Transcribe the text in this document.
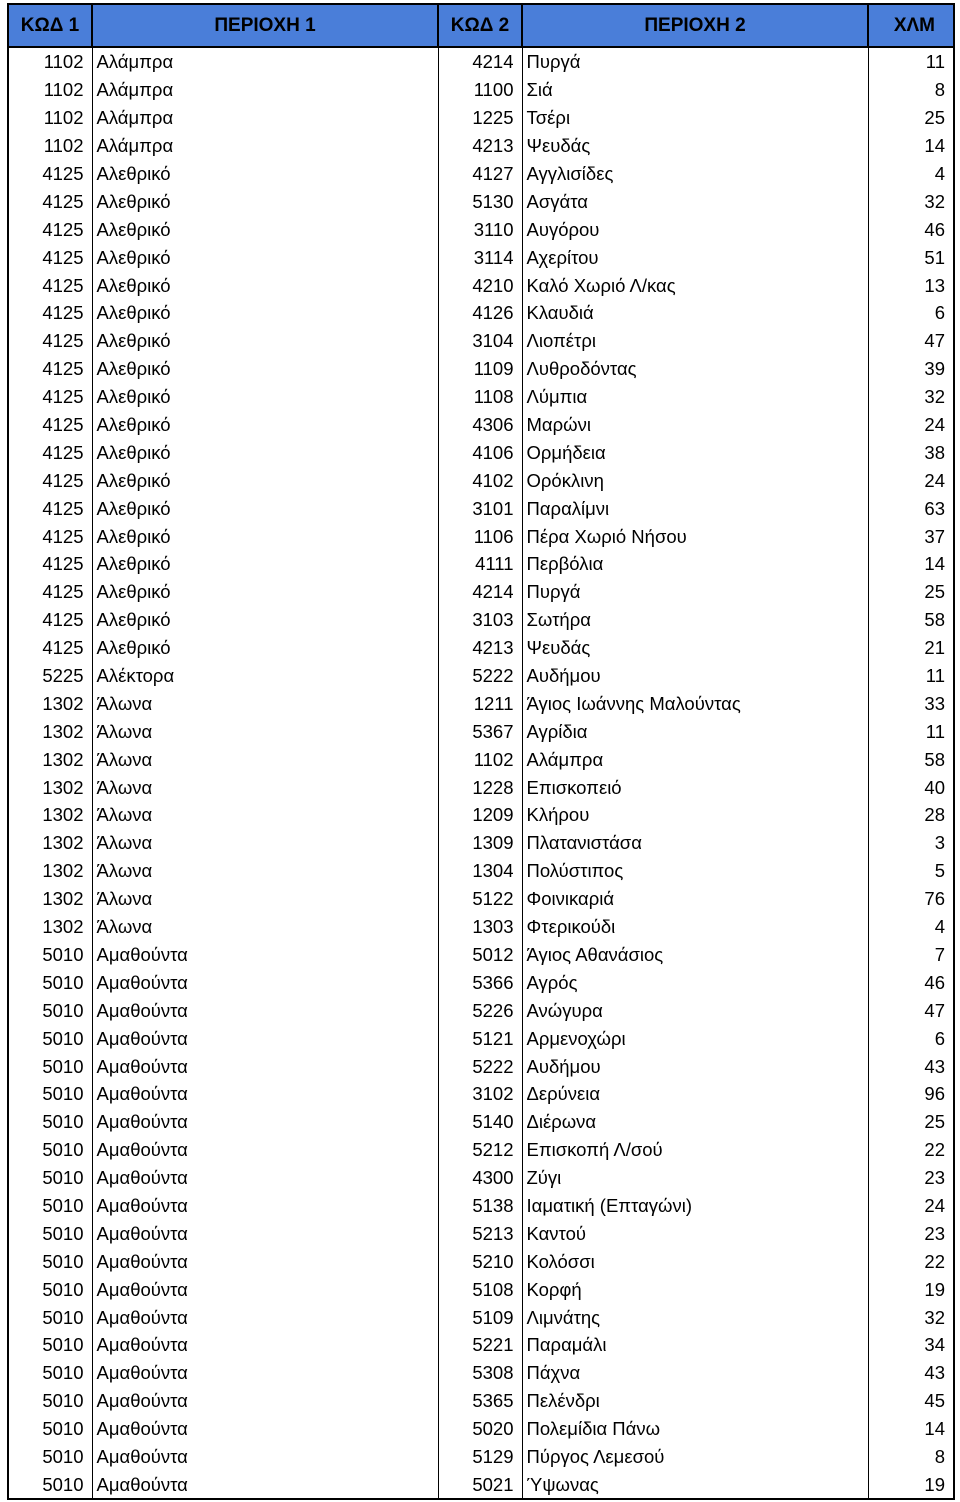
ΚΩΔ 1	ΠΕΡΙΟΧΗ 1	ΚΩΔ 2	ΠΕΡΙΟΧΗ 2	ΧΛΜ
1102	Αλάμπρα	4214	Πυργά	11
1102	Αλάμπρα	1100	Σιά	8
1102	Αλάμπρα	1225	Τσέρι	25
1102	Αλάμπρα	4213	Ψευδάς	14
4125	Αλεθρικό	4127	Αγγλισίδες	4
4125	Αλεθρικό	5130	Ασγάτα	32
4125	Αλεθρικό	3110	Αυγόρου	46
4125	Αλεθρικό	3114	Αχερίτου	51
4125	Αλεθρικό	4210	Καλό Χωριό Λ/κας	13
4125	Αλεθρικό	4126	Κλαυδιά	6
4125	Αλεθρικό	3104	Λιοπέτρι	47
4125	Αλεθρικό	1109	Λυθροδόντας	39
4125	Αλεθρικό	1108	Λύμπια	32
4125	Αλεθρικό	4306	Μαρώνι	24
4125	Αλεθρικό	4106	Ορμήδεια	38
4125	Αλεθρικό	4102	Ορόκλινη	24
4125	Αλεθρικό	3101	Παραλίμνι	63
4125	Αλεθρικό	1106	Πέρα Χωριό Νήσου	37
4125	Αλεθρικό	4111	Περβόλια	14
4125	Αλεθρικό	4214	Πυργά	25
4125	Αλεθρικό	3103	Σωτήρα	58
4125	Αλεθρικό	4213	Ψευδάς	21
5225	Αλέκτορα	5222	Αυδήμου	11
1302	Άλωνα	1211	Άγιος Ιωάννης Μαλούντας	33
1302	Άλωνα	5367	Αγρίδια	11
1302	Άλωνα	1102	Αλάμπρα	58
1302	Άλωνα	1228	Επισκοπειό	40
1302	Άλωνα	1209	Κλήρου	28
1302	Άλωνα	1309	Πλατανιστάσα	3
1302	Άλωνα	1304	Πολύστιπος	5
1302	Άλωνα	5122	Φοινικαριά	76
1302	Άλωνα	1303	Φτερικούδι	4
5010	Αμαθούντα	5012	Άγιος Αθανάσιος	7
5010	Αμαθούντα	5366	Αγρός	46
5010	Αμαθούντα	5226	Ανώγυρα	47
5010	Αμαθούντα	5121	Αρμενοχώρι	6
5010	Αμαθούντα	5222	Αυδήμου	43
5010	Αμαθούντα	3102	Δερύνεια	96
5010	Αμαθούντα	5140	Διέρωνα	25
5010	Αμαθούντα	5212	Επισκοπή Λ/σού	22
5010	Αμαθούντα	4300	Ζύγι	23
5010	Αμαθούντα	5138	Ιαματική (Επταγώνι)	24
5010	Αμαθούντα	5213	Καντού	23
5010	Αμαθούντα	5210	Κολόσσι	22
5010	Αμαθούντα	5108	Κορφή	19
5010	Αμαθούντα	5109	Λιμνάτης	32
5010	Αμαθούντα	5221	Παραμάλι	34
5010	Αμαθούντα	5308	Πάχνα	43
5010	Αμαθούντα	5365	Πελένδρι	45
5010	Αμαθούντα	5020	Πολεμίδια Πάνω	14
5010	Αμαθούντα	5129	Πύργος Λεμεσού	8
5010	Αμαθούντα	5021	Ύψωνας	19
